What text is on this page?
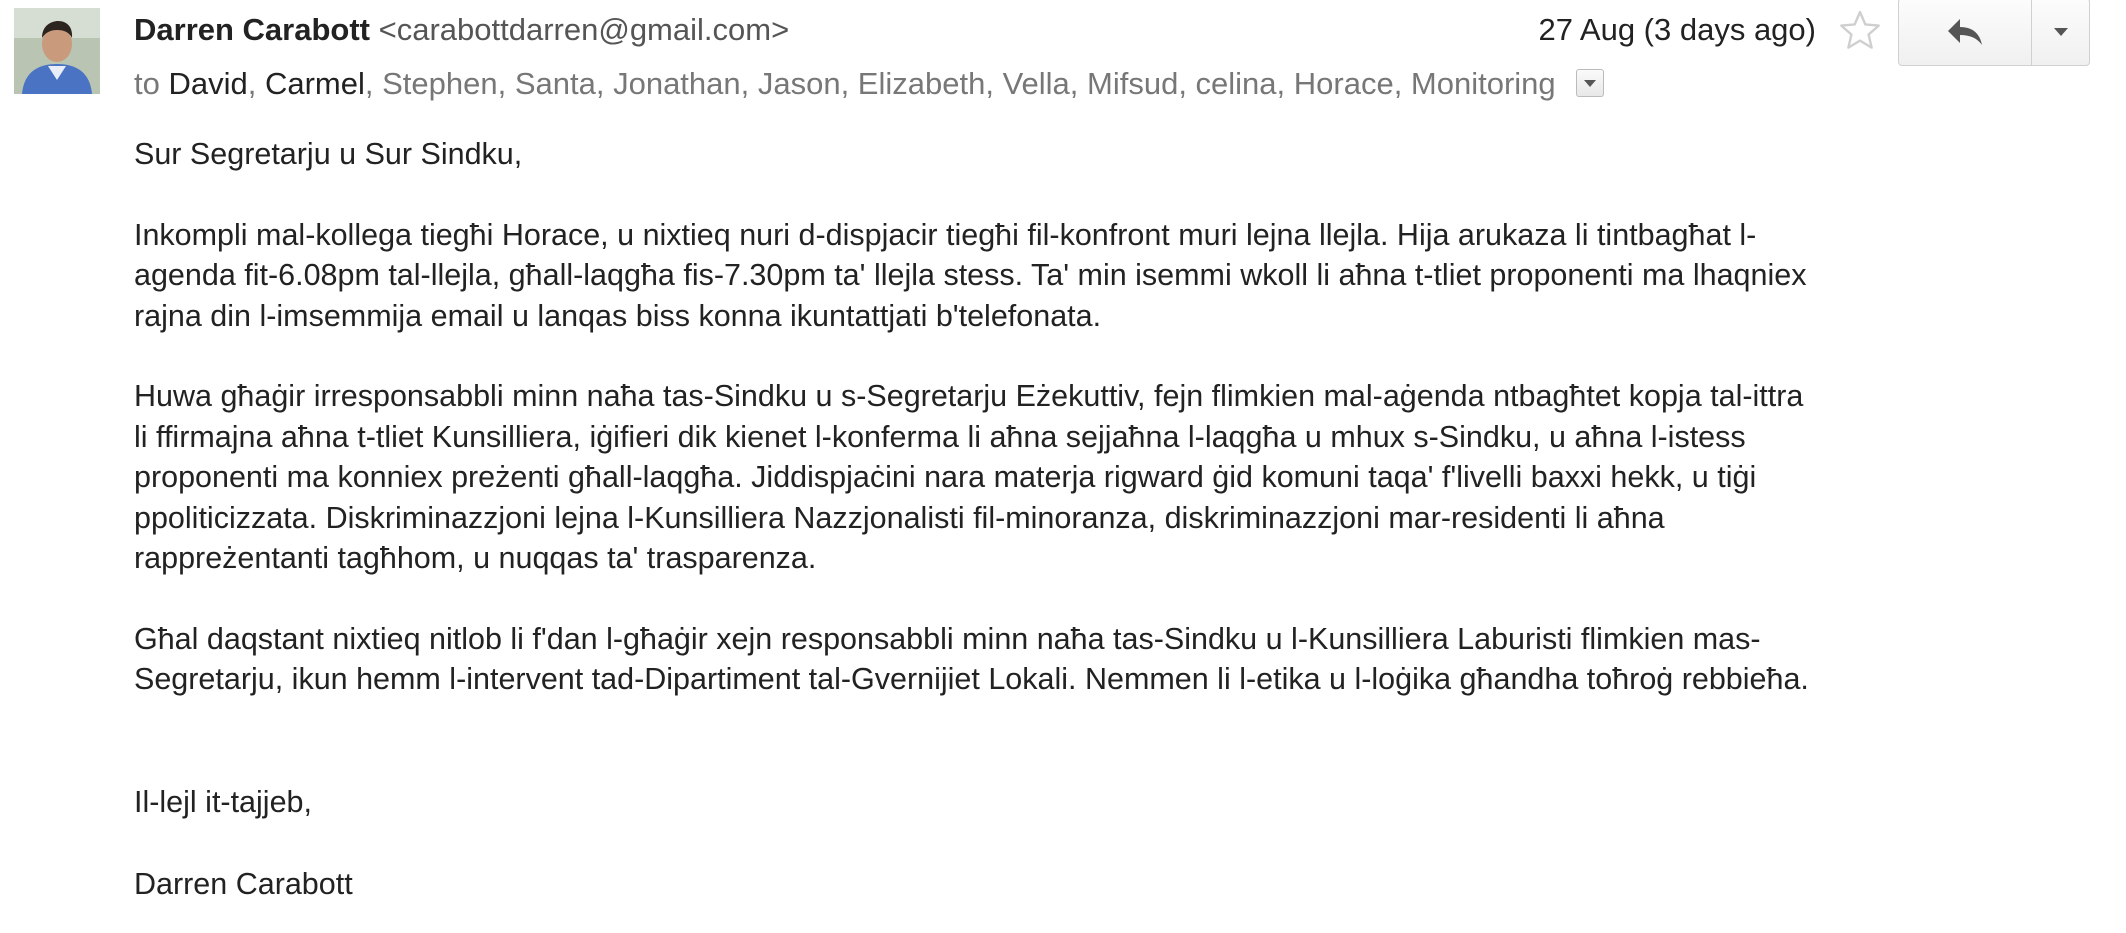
Darren Carabott <carabottdarren@gmail.com>
to David, Carmel, Stephen, Santa, Jonathan, Jason, Elizabeth, Vella, Mifsud, celina, Horace, Monitoring
27 Aug (3 days ago)

Sur Segretarju u Sur Sindku,

Inkompli mal-kollega tiegħi Horace, u nixtieq nuri d-dispjacir tiegħi fil-konfront muri lejna llejla. Hija arukaza li tintbagħat l-

agenda fit-6.08pm tal-llejla, għall-laqgħa fis-7.30pm ta' llejla stess. Ta' min isemmi wkoll li aħna t-tliet proponenti ma lhaqniex

rajna din l-imsemmija email u lanqas biss konna ikuntattjati b'telefonata.

Huwa għaġir irresponsabbli minn naħa tas-Sindku u s-Segretarju Eżekuttiv, fejn flimkien mal-aġenda ntbagħtet kopja tal-ittra

li ffirmajna aħna t-tliet Kunsilliera, iġifieri dik kienet l-konferma li aħna sejjaħna l-laqgħa u mhux s-Sindku, u aħna l-istess

proponenti ma konniex preżenti għall-laqgħa. Jiddispjaċini nara materja rigward ġid komuni taqa' f'livelli baxxi hekk, u tiġi

ppoliticizzata. Diskriminazzjoni lejna l-Kunsilliera Nazzjonalisti fil-minoranza, diskriminazzjoni mar-residenti li aħna

rappreżentanti tagħhom, u nuqqas ta' trasparenza.

Għal daqstant nixtieq nitlob li f'dan l-għaġir xejn responsabbli minn naħa tas-Sindku u l-Kunsilliera Laburisti flimkien mas-

Segretarju, ikun hemm l-intervent tad-Dipartiment tal-Gvernijiet Lokali. Nemmen li l-etika u l-loġika għandha toħroġ rebbieħa.

Il-lejl it-tajjeb,

Darren Carabott
